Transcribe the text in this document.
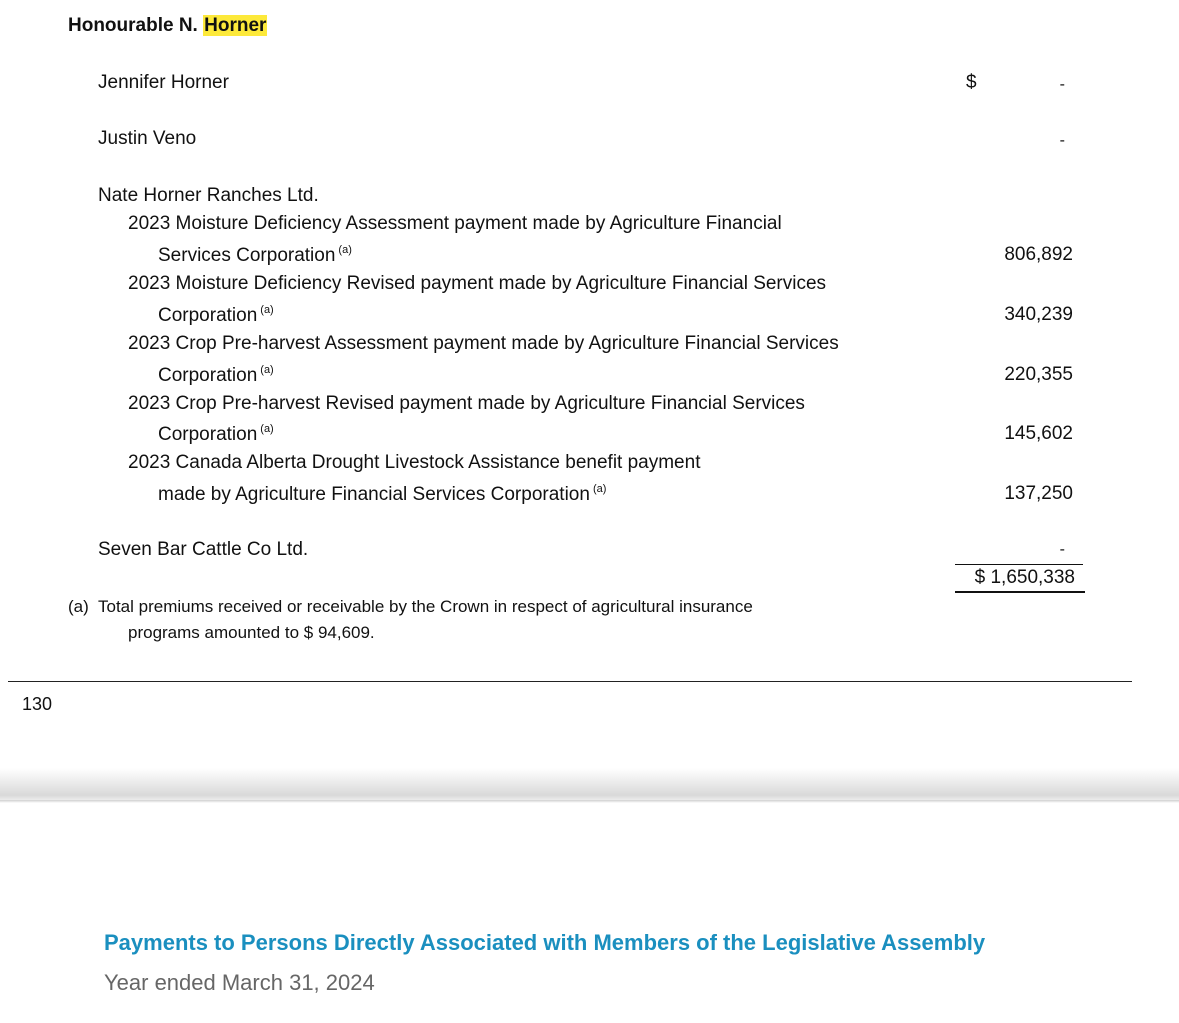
Honourable N. Horner
Jennifer Horner	$	-
Justin Veno	-
Nate Horner Ranches Ltd.
2023 Moisture Deficiency Assessment payment made by Agriculture Financial
Services Corporation $^{(a)}$	806,892
2023 Moisture Deficiency Revised payment made by Agriculture Financial Services
Corporation $^{(a)}$	340,239
2023 Crop Pre-harvest Assessment payment made by Agriculture Financial Services
Corporation $^{(a)}$	220,355
2023 Crop Pre-harvest Revised payment made by Agriculture Financial Services
Corporation $^{(a)}$	145,602
2023 Canada Alberta Drought Livestock Assistance benefit payment
made by Agriculture Financial Services Corporation $^{(a)}$	137,250
Seven Bar Cattle Co Ltd.	-
$ 1,650,338
(a) Total premiums received or receivable by the Crown in respect of agricultural insurance
programs amounted to $ 94,609.
130
Payments to Persons Directly Associated with Members of the Legislative Assembly
Year ended March 31, 2024
